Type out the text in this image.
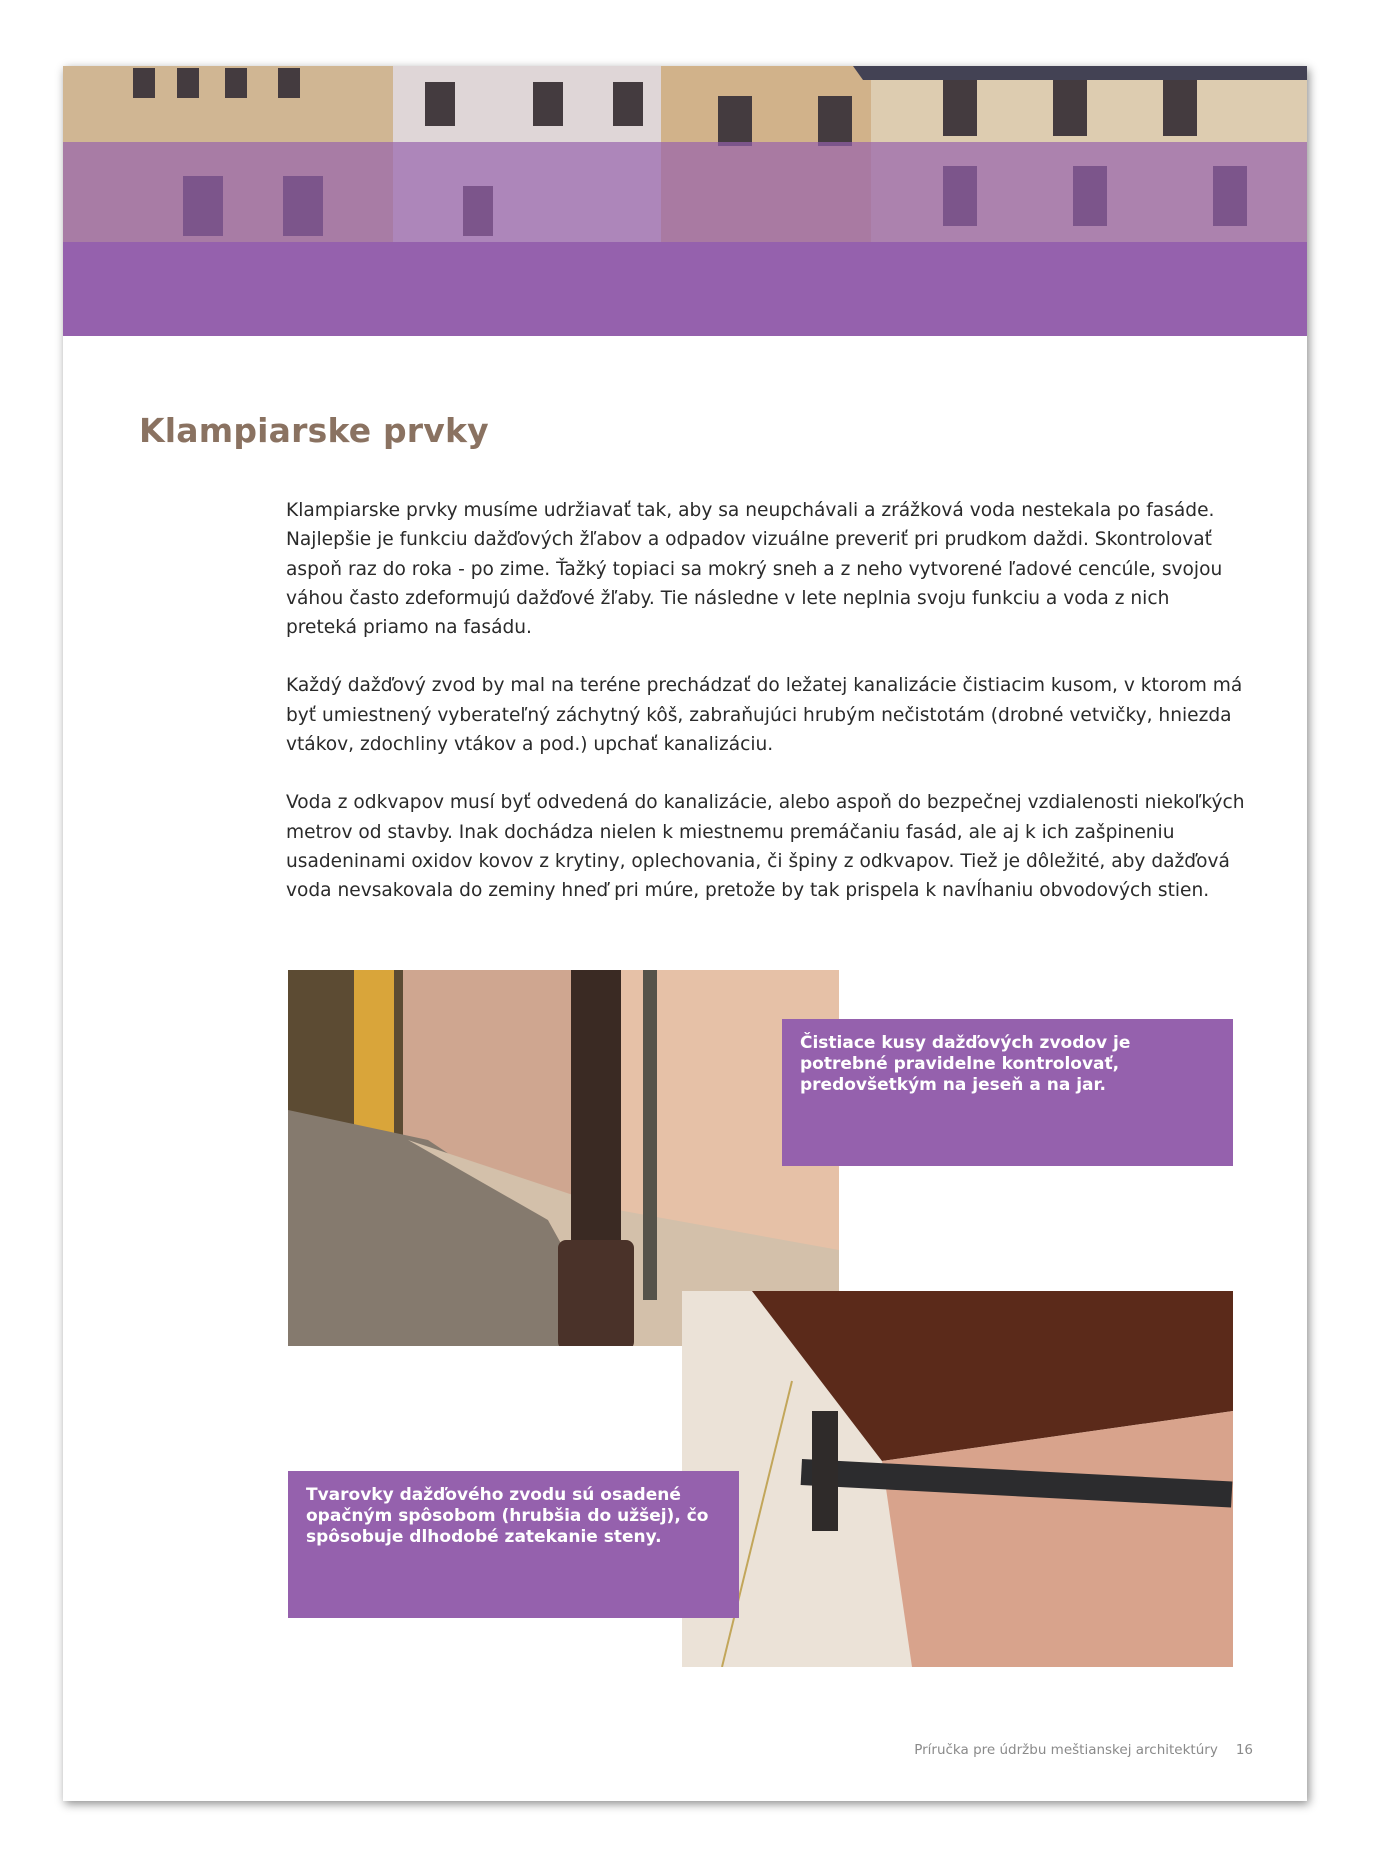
Klampiarske prvky

Klampiarske prvky musíme udržiavať tak, aby sa neupchávali a zrážková voda nestekala po fasáde. Najlepšie je funkciu dažďových žľabov a odpadov vizuálne preveriť pri prudkom daždi. Skontrolovať aspoň raz do roka - po zime. Ťažký topiaci sa mokrý sneh a z neho vytvorené ľadové cencúle, svojou váhou často zdeformujú dažďové žľaby. Tie následne v lete neplnia svoju funkciu a voda z nich preteká priamo na fasádu.

Každý dažďový zvod by mal na teréne prechádzať do ležatej kanalizácie čistiacim kusom, v ktorom má byť umiestnený vyberateľný záchytný kôš, zabraňujúci hrubým nečistotám (drobné vetvičky, hniezda vtákov, zdochliny vtákov a pod.) upchať kanalizáciu.

Voda z odkvapov musí byť odvedená do kanalizácie, alebo aspoň do bezpečnej vzdialenosti niekoľkých metrov od stavby. Inak dochádza nielen k miestnemu premáčaniu fasád, ale aj k ich zašpineniu usadeninami oxidov kovov z krytiny, oplechovania, či špiny z odkvapov. Tiež je dôležité, aby dažďová voda nevsakovala do zeminy hneď pri múre, pretože by tak prispela k navĺhaniu obvodových stien.

Čistiace kusy dažďových zvodov je potrebné pravidelne kontrolovať, predovšetkým na jeseň a na jar.
Tvarovky dažďového zvodu sú osadené opačným spôsobom (hrubšia do užšej), čo spôsobuje dlhodobé zatekanie steny.
Príručka pre údržbu meštianskej architektúry 16
